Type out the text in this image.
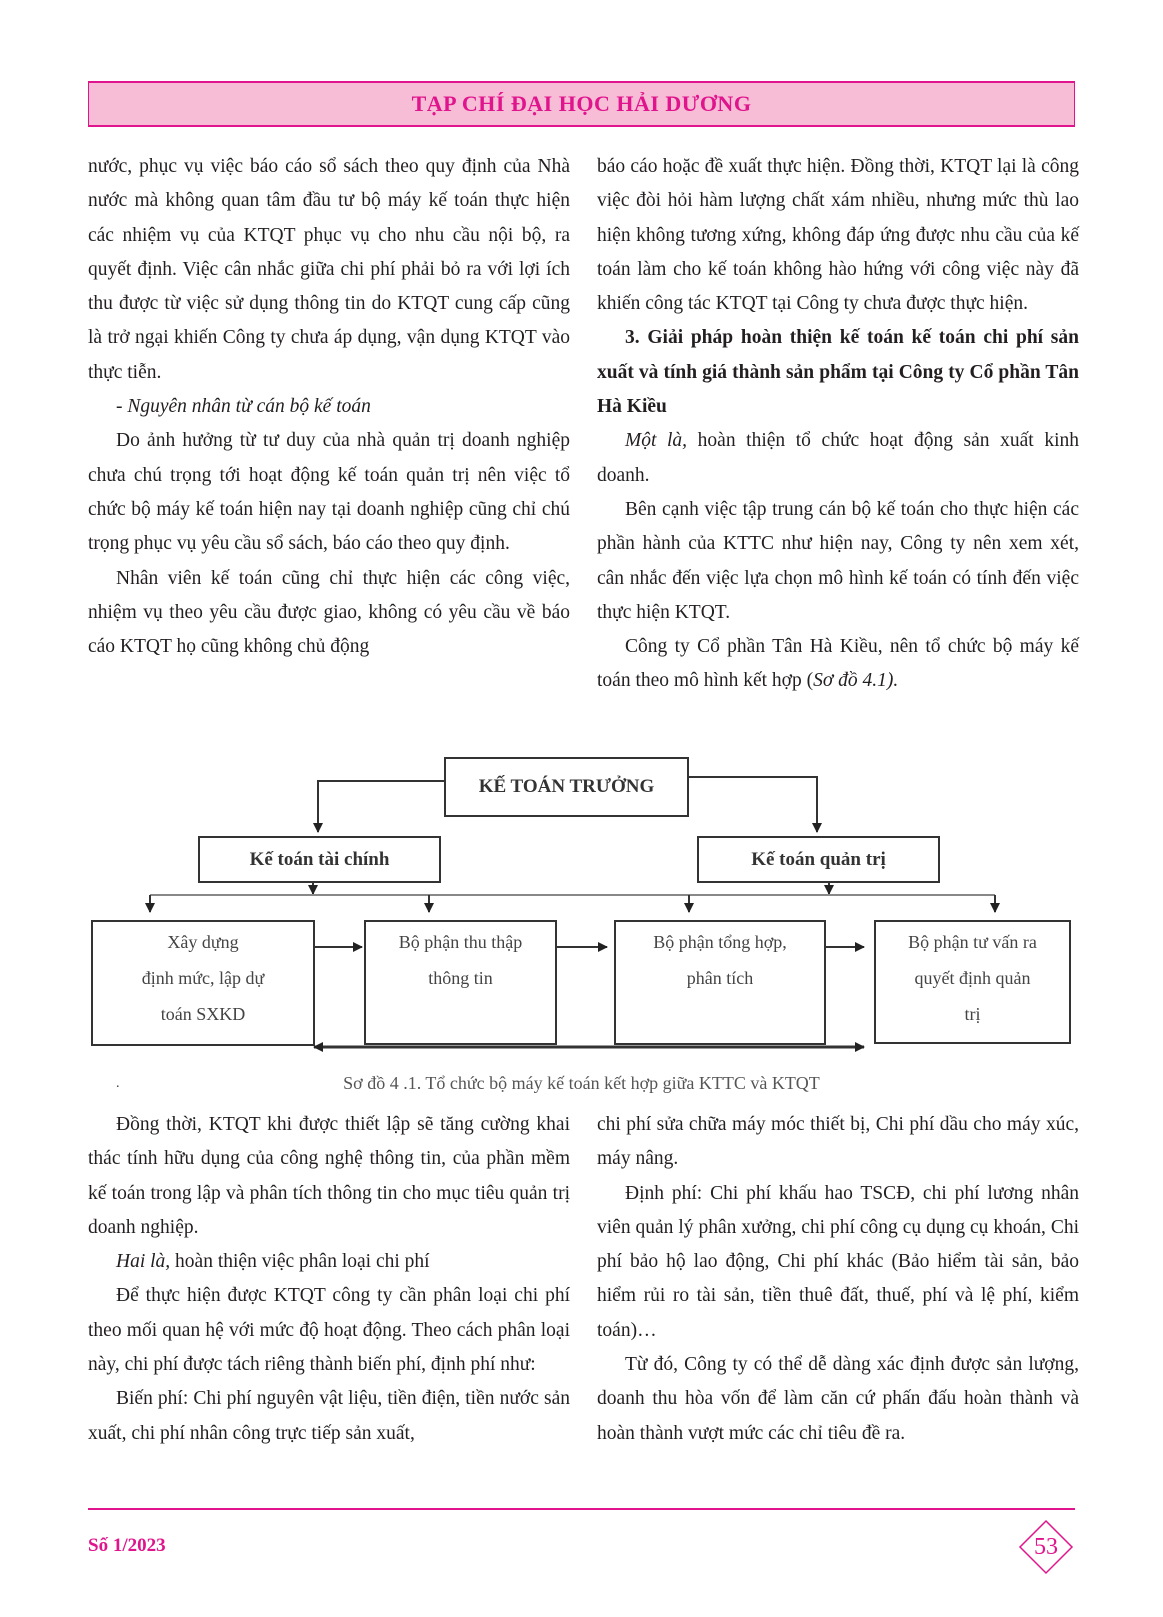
TẠP CHÍ ĐẠI HỌC HẢI DƯƠNG

nước, phục vụ việc báo cáo sổ sách theo quy định của Nhà nước mà không quan tâm đầu tư bộ máy kế toán thực hiện các nhiệm vụ của KTQT phục vụ cho nhu cầu nội bộ, ra quyết định. Việc cân nhắc giữa chi phí phải bỏ ra với lợi ích thu được từ việc sử dụng thông tin do KTQT cung cấp cũng là trở ngại khiến Công ty chưa áp dụng, vận dụng KTQT vào thực tiễn.

- Nguyên nhân từ cán bộ kế toán

Do ảnh hưởng từ tư duy của nhà quản trị doanh nghiệp chưa chú trọng tới hoạt động kế toán quản trị nên việc tổ chức bộ máy kế toán hiện nay tại doanh nghiệp cũng chỉ chú trọng phục vụ yêu cầu sổ sách, báo cáo theo quy định.

Nhân viên kế toán cũng chỉ thực hiện các công việc, nhiệm vụ theo yêu cầu được giao, không có yêu cầu về báo cáo KTQT họ cũng không chủ động

báo cáo hoặc đề xuất thực hiện. Đồng thời, KTQT lại là công việc đòi hỏi hàm lượng chất xám nhiều, nhưng mức thù lao hiện không tương xứng, không đáp ứng được nhu cầu của kế toán làm cho kế toán không hào hứng với công việc này đã khiến công tác KTQT tại Công ty chưa được thực hiện.

3. Giải pháp hoàn thiện kế toán kế toán chi phí sản xuất và tính giá thành sản phẩm tại Công ty Cổ phần Tân Hà Kiều

Một là, hoàn thiện tổ chức hoạt động sản xuất kinh doanh.

Bên cạnh việc tập trung cán bộ kế toán cho thực hiện các phần hành của KTTC như hiện nay, Công ty nên xem xét, cân nhắc đến việc lựa chọn mô hình kế toán có tính đến việc thực hiện KTQT.

Công ty Cổ phần Tân Hà Kiều, nên tổ chức bộ máy kế toán theo mô hình kết hợp (Sơ đồ 4.1).

KẾ TOÁN TRƯỞNG
Kế toán tài chính	Kế toán quản trị
Xây dựng
định mức, lập dự
toán SXKD
Bộ phận thu thập
thông tin
Bộ phận tổng hợp,
phân tích
Bộ phận tư vấn ra
quyết định quản
trị
Sơ đồ 4 .1. Tổ chức bộ máy kế toán kết hợp giữa KTTC và KTQT
.

Đồng thời, KTQT khi được thiết lập sẽ tăng cường khai thác tính hữu dụng của công nghệ thông tin, của phần mềm kế toán trong lập và phân tích thông tin cho mục tiêu quản trị doanh nghiệp.

Hai là, hoàn thiện việc phân loại chi phí

Để thực hiện được KTQT công ty cần phân loại chi phí theo mối quan hệ với mức độ hoạt động. Theo cách phân loại này, chi phí được tách riêng thành biến phí, định phí như:

Biến phí: Chi phí nguyên vật liệu, tiền điện, tiền nước sản xuất, chi phí nhân công trực tiếp sản xuất,

chi phí sửa chữa máy móc thiết bị, Chi phí dầu cho máy xúc, máy nâng.

Định phí: Chi phí khấu hao TSCĐ, chi phí lương nhân viên quản lý phân xưởng, chi phí công cụ dụng cụ khoán, Chi phí bảo hộ lao động, Chi phí khác (Bảo hiểm tài sản, bảo hiểm rủi ro tài sản, tiền thuê đất, thuế, phí và lệ phí, kiểm toán)…

Từ đó, Công ty có thể dễ dàng xác định được sản lượng, doanh thu hòa vốn để làm căn cứ phấn đấu hoàn thành và hoàn thành vượt mức các chỉ tiêu đề ra.

Số 1/2023	53
